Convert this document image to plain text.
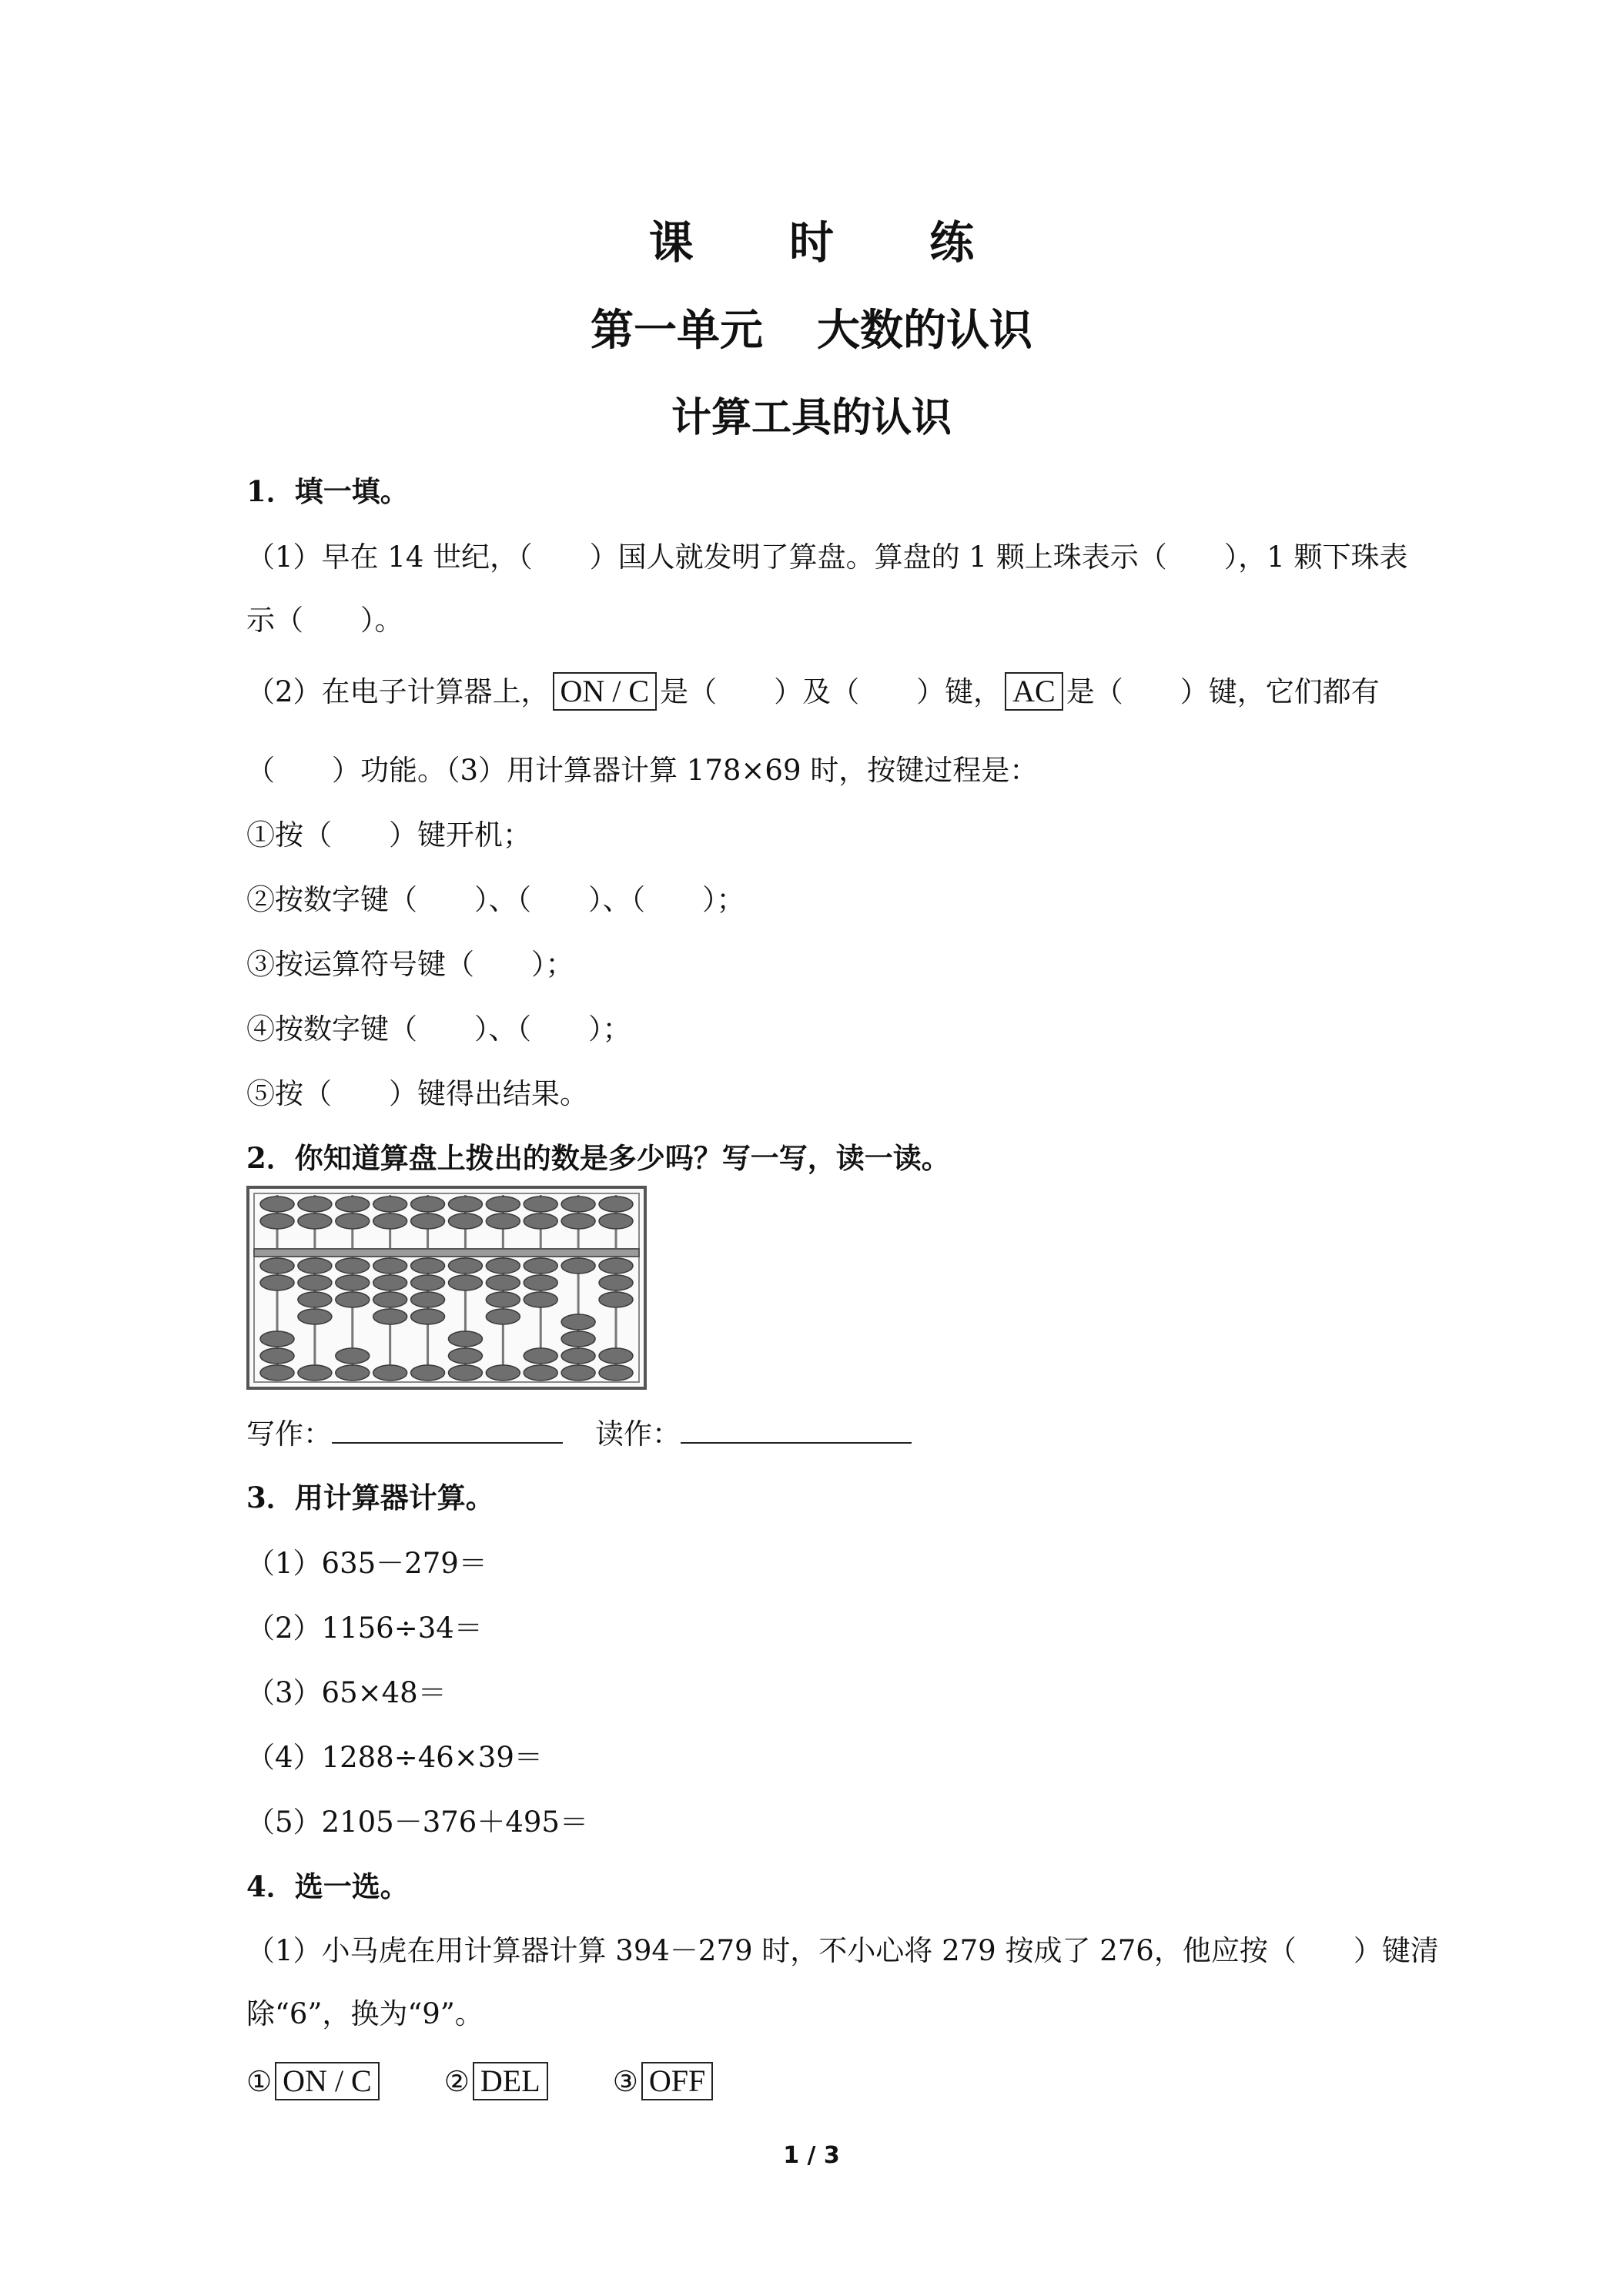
课 时 练
第一单元 大数的认识
计算工具的认识
1．填一填。
（1）早在 14 世纪，（　　）国人就发明了算盘。算盘的 1 颗上珠表示（　　），1 颗下珠表
示（　　）。
（2）在电子计算器上， ON / C 是（　　）及（　　）键， AC 是（　　）键，它们都有
（　　）功能。（3）用计算器计算 178×69 时，按键过程是：
①按（　　）键开机；
②按数字键（　　）、（　　）、（　　）；
③按运算符号键（　　）；
④按数字键（　　）、（　　）；
⑤按（　　）键得出结果。
2．你知道算盘上拨出的数是多少吗？写一写，读一读。
写作：	读作：
3．用计算器计算。
（1）635－279＝
（2）1156÷34＝
（3）65×48＝
（4）1288÷46×39＝
（5）2105－376＋495＝
4．选一选。
（1）小马虎在用计算器计算 394－279 时，不小心将 279 按成了 276，他应按（　　）键清
除“6”，换为“9”。
① ON / C	② DEL	③ OFF
1 / 3
